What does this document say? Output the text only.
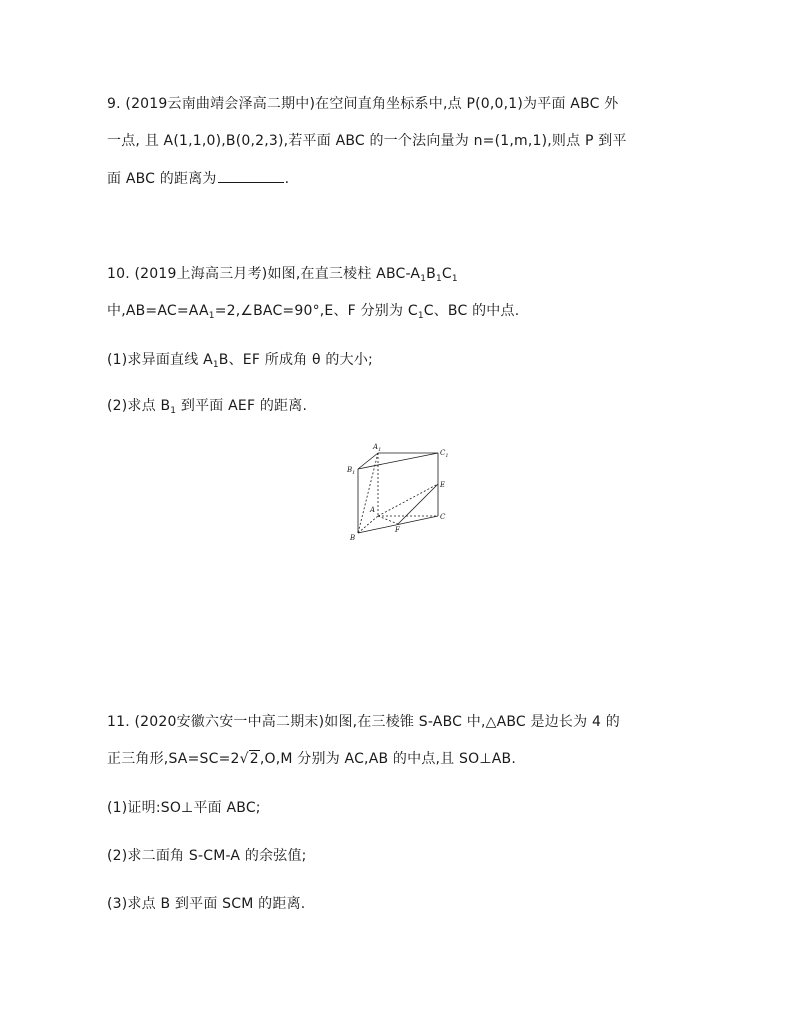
9. (2019云南曲靖会泽高二期中)在空间直角坐标系中,点 P(0,0,1)为平面 ABC 外
一点, 且 A(1,1,0),B(0,2,3),若平面 ABC 的一个法向量为 n=(1,m,1),则点 P 到平
面 ABC 的距离为	.
10. (2019上海高三月考)如图,在直三棱柱 ABC-$A_1B_1C_1$
中$,AB=AC=AA_1=2,\angle BAC=90^\circ,E$、F 分别为 $C_1C$、BC 的中点.
(1)求异面直线 $A_1B$、EF 所成角 θ 的大小;
(2)求点 $B_1$ 到平面 AEF 的距离.
$A_1$
$B_1$
$C_1$
A
B
C
E
F
11. (2020安徽六安一中高二期末)如图,在三棱锥 S-ABC 中,△ABC 是边长为 4 的
正三角形,SA=SC=2√2,O,M 分别为 AC,AB 的中点,且 SO⊥AB.
(1)证明:SO⊥平面 ABC;
(2)求二面角 S-CM-A 的余弦值;
(3)求点 B 到平面 SCM 的距离.
